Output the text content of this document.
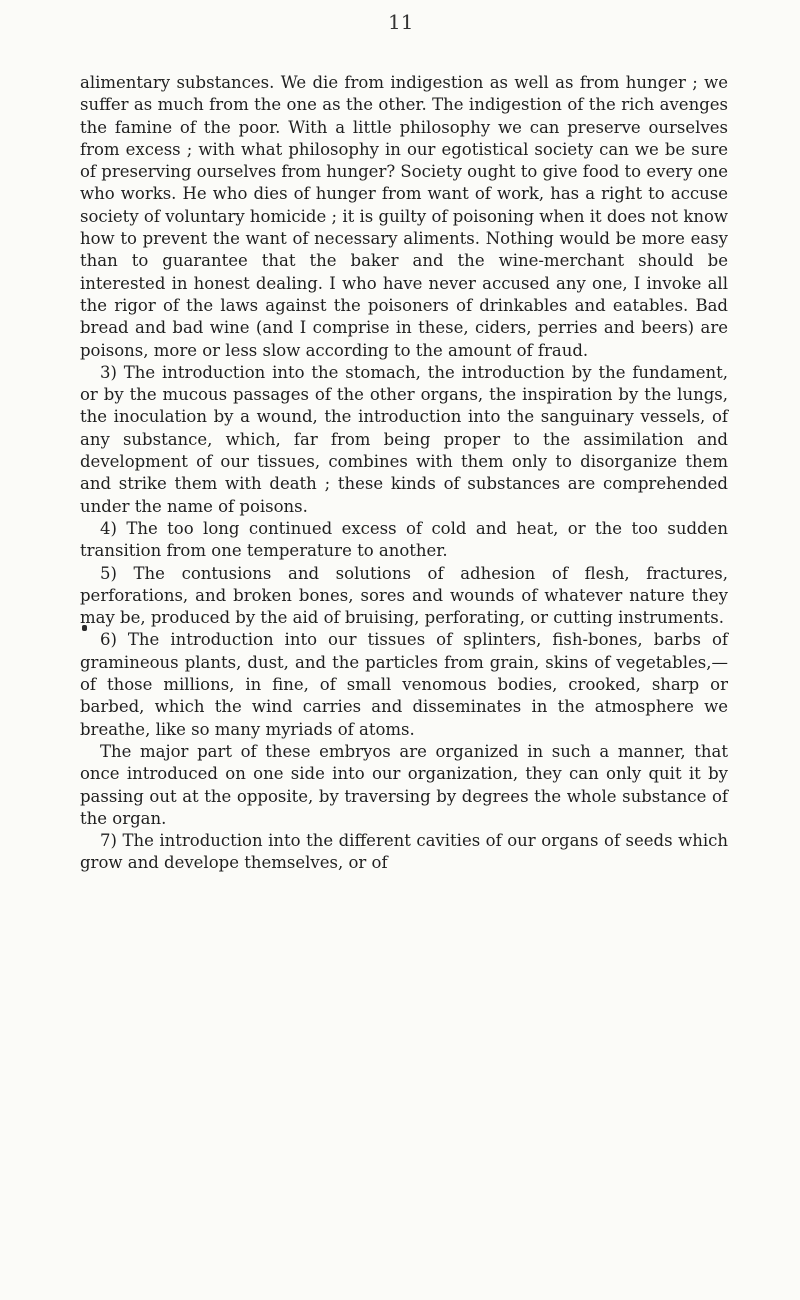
11

alimentary substances. We die from indigestion as well as from hunger ; we suffer as much from the one as the other. The indigestion of the rich avenges the famine of the poor. With a little philosophy we can preserve ourselves from excess ; with what philosophy in our egotistical society can we be sure of preserving ourselves from hunger? Society ought to give food to every one who works. He who dies of hunger from want of work, has a right to accuse society of voluntary homicide ; it is guilty of poisoning when it does not know how to prevent the want of necessary aliments. Nothing would be more easy than to guarantee that the baker and the wine-merchant should be interested in honest dealing. I who have never accused any one, I invoke all the rigor of the laws against the poisoners of drinkables and eatables. Bad bread and bad wine (and I comprise in these, ciders, perries and beers) are poisons, more or less slow according to the amount of fraud.

3) The introduction into the stomach, the introduction by the fundament, or by the mucous passages of the other organs, the inspiration by the lungs, the inoculation by a wound, the introduction into the sanguinary vessels, of any substance, which, far from being proper to the assimilation and development of our tissues, combines with them only to disorganize them and strike them with death ; these kinds of substances are comprehended under the name of poisons.

4) The too long continued excess of cold and heat, or the too sudden transition from one temperature to another.

5) The contusions and solutions of adhesion of flesh, fractures, perforations, and broken bones, sores and wounds of whatever nature they may be, produced by the aid of bruising, perforating, or cutting instruments.

6) The introduction into our tissues of splinters, fish-bones, barbs of gramineous plants, dust, and the particles from grain, skins of vegetables,—of those millions, in fine, of small venomous bodies, crooked, sharp or barbed, which the wind carries and disseminates in the atmosphere we breathe, like so many myriads of atoms.

The major part of these embryos are organized in such a manner, that once introduced on one side into our organization, they can only quit it by passing out at the opposite, by traversing by degrees the whole substance of the organ.

7) The introduction into the different cavities of our organs of seeds which grow and develope themselves, or of
